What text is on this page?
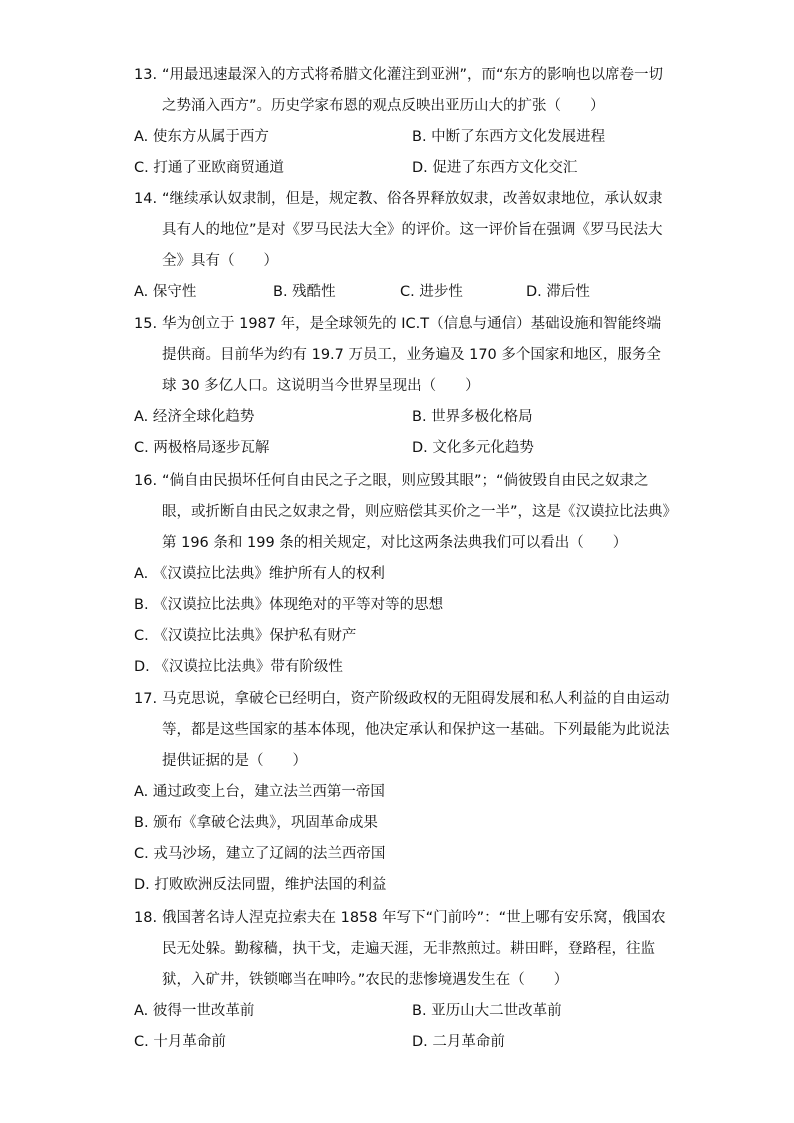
13. “用最迅速最深入的方式将希腊文化灌注到亚洲”，而“东方的影响也以席卷一切之势涌入西方”。历史学家布恩的观点反映出亚历山大的扩张（　　）

A. 使东方从属于西方	B. 中断了东西方文化发展进程
C. 打通了亚欧商贸通道	D. 促进了东西方文化交汇

14. “继续承认奴隶制，但是，规定教、俗各界释放奴隶，改善奴隶地位，承认奴隶具有人的地位”是对《罗马民法大全》的评价。这一评价旨在强调《罗马民法大全》具有（　　）

A. 保守性	B. 残酷性	C. 进步性	D. 滞后性

15. 华为创立于 1987 年，是全球领先的 IC.T（信息与通信）基础设施和智能终端提供商。目前华为约有 19.7 万员工，业务遍及 170 多个国家和地区，服务全球 30 多亿人口。这说明当今世界呈现出（　　）

A. 经济全球化趋势	B. 世界多极化格局
C. 两极格局逐步瓦解	D. 文化多元化趋势

16. “倘自由民损坏任何自由民之子之眼，则应毁其眼”；“倘彼毁自由民之奴隶之眼，或折断自由民之奴隶之骨，则应赔偿其买价之一半”，这是《汉谟拉比法典》第 196 条和 199 条的相关规定，对比这两条法典我们可以看出（　　）

A. 《汉谟拉比法典》维护所有人的权利
B. 《汉谟拉比法典》体现绝对的平等对等的思想
C. 《汉谟拉比法典》保护私有财产
D. 《汉谟拉比法典》带有阶级性

17. 马克思说，拿破仑已经明白，资产阶级政权的无阻碍发展和私人利益的自由运动等，都是这些国家的基本体现，他决定承认和保护这一基础。下列最能为此说法提供证据的是（　　）

A. 通过政变上台，建立法兰西第一帝国
B. 颁布《拿破仑法典》，巩固革命成果
C. 戎马沙场，建立了辽阔的法兰西帝国
D. 打败欧洲反法同盟，维护法国的利益

18. 俄国著名诗人涅克拉索夫在 1858 年写下“门前吟”：“世上哪有安乐窝，俄国农民无处躲。勤稼穑，执干戈，走遍天涯，无非熬煎过。耕田畔，登路程，往监狱，入矿井，铁锁啷当在呻吟。”农民的悲惨境遇发生在（　　）

A. 彼得一世改革前	B. 亚历山大二世改革前
C. 十月革命前	D. 二月革命前
